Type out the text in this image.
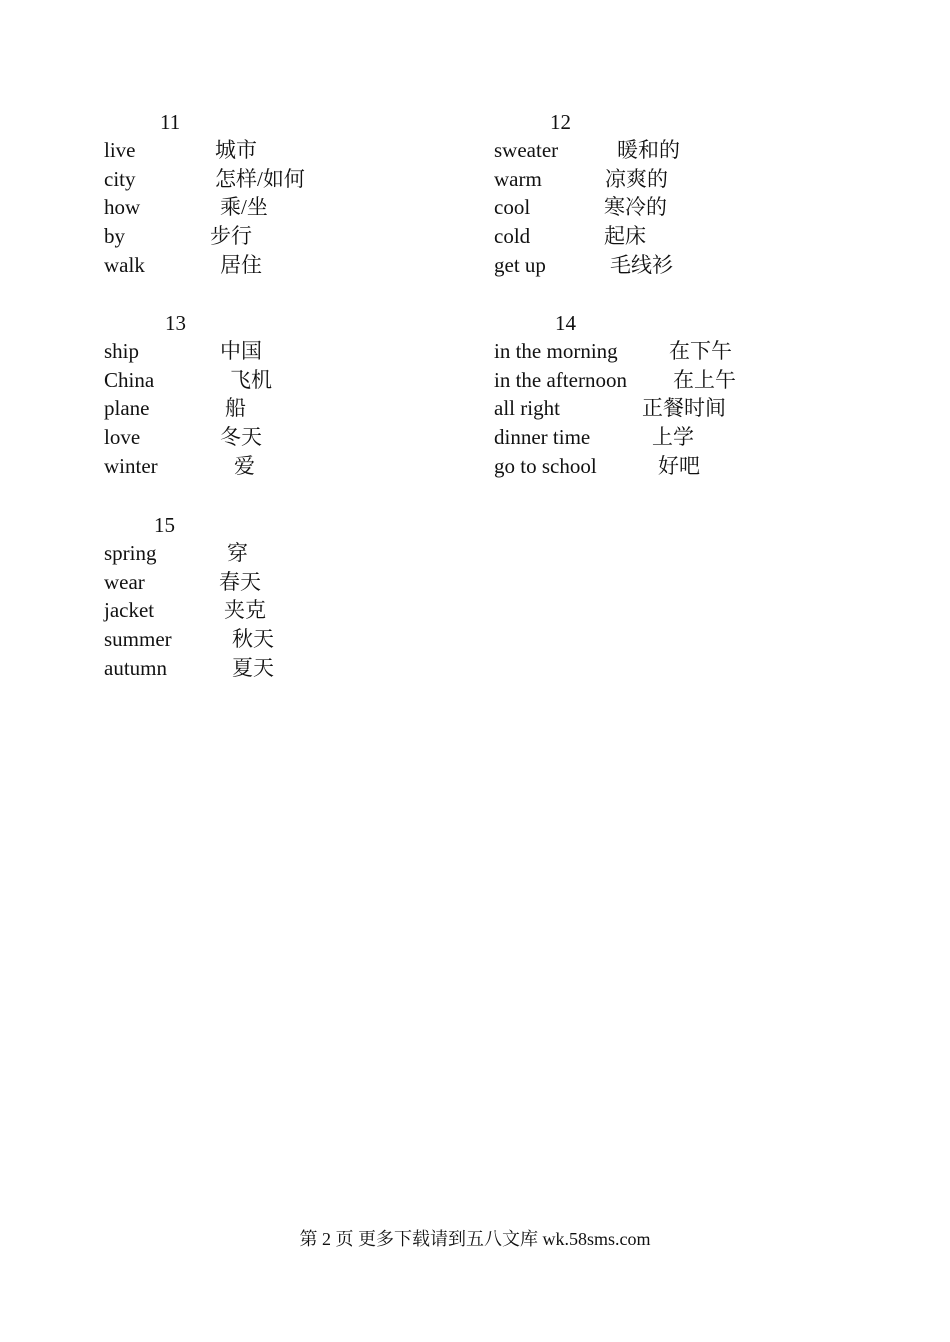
11
live	城市
city	怎样/如何
how	乘/坐
by	步行
walk	居住
12
sweater	暖和的
warm	凉爽的
cool	寒冷的
cold	起床
get up	毛线衫
13
ship	中国
China	飞机
plane	船
love	冬天
winter	爱
14
in the morning 在下午
in the afternoon 在上午
all right	正餐时间
dinner time	上学
go to school	好吧
15
spring	穿
wear	春天
jacket	夹克
summer	秋天
autumn	夏天
第 2 页 更多下载请到五八文库 wk.58sms.com
